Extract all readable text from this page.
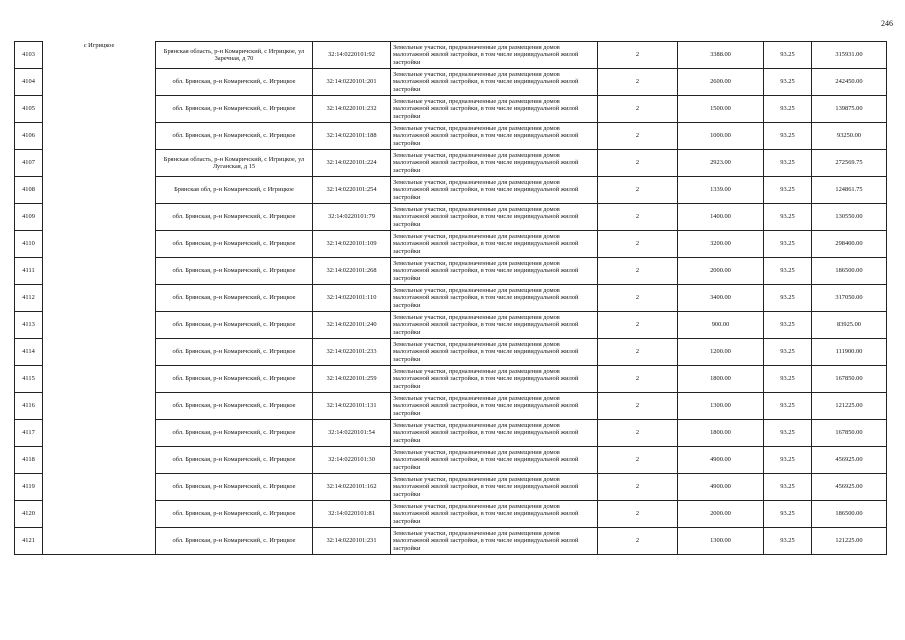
246
4103	с Игрицкое	Брянская область, р-н Комаричский, с Игрицкое, ул Заречная, д 70	32:14:0220101:92	Земельные участки, предназначенные для размещения домов малоэтажной жилой застройки, в том числе индивидуальной жилой застройки	2	3388.00	93.25	315931.00
4104		обл. Брянская, р-н Комаричский, с. Игрицкое	32:14:0220101:201	Земельные участки, предназначенные для размещения домов малоэтажной жилой застройки, в том числе индивидуальной жилой застройки	2	2600.00	93.25	242450.00
4105		обл. Брянская, р-н Комаричский, с. Игрицкое	32:14:0220101:232	Земельные участки, предназначенные для размещения домов малоэтажной жилой застройки, в том числе индивидуальной жилой застройки	2	1500.00	93.25	139875.00
4106		обл. Брянская, р-н Комаричский, с. Игрицкое	32:14:0220101:188	Земельные участки, предназначенные для размещения домов малоэтажной жилой застройки, в том числе индивидуальной жилой застройки	2	1000.00	93.25	93250.00
4107		Брянская область, р-н Комаричский, с Игрицкое, ул Луганская, д 15	32:14:0220101:224	Земельные участки, предназначенные для размещения домов малоэтажной жилой застройки, в том числе индивидуальной жилой застройки	2	2923.00	93.25	272569.75
4108		Брянская обл, р-н Комаричский, с Игрицкое	32:14:0220101:254	Земельные участки, предназначенные для размещения домов малоэтажной жилой застройки, в том числе индивидуальной жилой застройки	2	1339.00	93.25	124861.75
4109		обл. Брянская, р-н Комаричский, с. Игрицкое	32:14:0220101:79	Земельные участки, предназначенные для размещения домов малоэтажной жилой застройки, в том числе индивидуальной жилой застройки	2	1400.00	93.25	130550.00
4110		обл. Брянская, р-н Комаричский, с. Игрицкое	32:14:0220101:109	Земельные участки, предназначенные для размещения домов малоэтажной жилой застройки, в том числе индивидуальной жилой застройки	2	3200.00	93.25	298400.00
4111		обл. Брянская, р-н Комаричский, с. Игрицкое	32:14:0220101:268	Земельные участки, предназначенные для размещения домов малоэтажной жилой застройки, в том числе индивидуальной жилой застройки	2	2000.00	93.25	186500.00
4112		обл. Брянская, р-н Комаричский, с. Игрицкое	32:14:0220101:110	Земельные участки, предназначенные для размещения домов малоэтажной жилой застройки, в том числе индивидуальной жилой застройки	2	3400.00	93.25	317050.00
4113		обл. Брянская, р-н Комаричский, с. Игрицкое	32:14:0220101:240	Земельные участки, предназначенные для размещения домов малоэтажной жилой застройки, в том числе индивидуальной жилой застройки	2	900.00	93.25	83925.00
4114		обл. Брянская, р-н Комаричский, с. Игрицкое	32:14:0220101:233	Земельные участки, предназначенные для размещения домов малоэтажной жилой застройки, в том числе индивидуальной жилой застройки	2	1200.00	93.25	111900.00
4115		обл. Брянская, р-н Комаричский, с. Игрицкое	32:14:0220101:259	Земельные участки, предназначенные для размещения домов малоэтажной жилой застройки, в том числе индивидуальной жилой застройки	2	1800.00	93.25	167850.00
4116		обл. Брянская, р-н Комаричский, с. Игрицкое	32:14:0220101:131	Земельные участки, предназначенные для размещения домов малоэтажной жилой застройки, в том числе индивидуальной жилой застройки	2	1300.00	93.25	121225.00
4117		обл. Брянская, р-н Комаричский, с. Игрицкое	32:14:0220101:54	Земельные участки, предназначенные для размещения домов малоэтажной жилой застройки, в том числе индивидуальной жилой застройки	2	1800.00	93.25	167850.00
4118		обл. Брянская, р-н Комаричский, с. Игрицкое	32:14:0220101:30	Земельные участки, предназначенные для размещения домов малоэтажной жилой застройки, в том числе индивидуальной жилой застройки	2	4900.00	93.25	456925.00
4119		обл. Брянская, р-н Комаричский, с. Игрицкое	32:14:0220101:162	Земельные участки, предназначенные для размещения домов малоэтажной жилой застройки, в том числе индивидуальной жилой застройки	2	4900.00	93.25	456925.00
4120		обл. Брянская, р-н Комаричский, с. Игрицкое	32:14:0220101:81	Земельные участки, предназначенные для размещения домов малоэтажной жилой застройки, в том числе индивидуальной жилой застройки	2	2000.00	93.25	186500.00
4121		обл. Брянская, р-н Комаричский, с. Игрицкое	32:14:0220101:231	Земельные участки, предназначенные для размещения домов малоэтажной жилой застройки, в том числе индивидуальной жилой застройки	2	1300.00	93.25	121225.00
